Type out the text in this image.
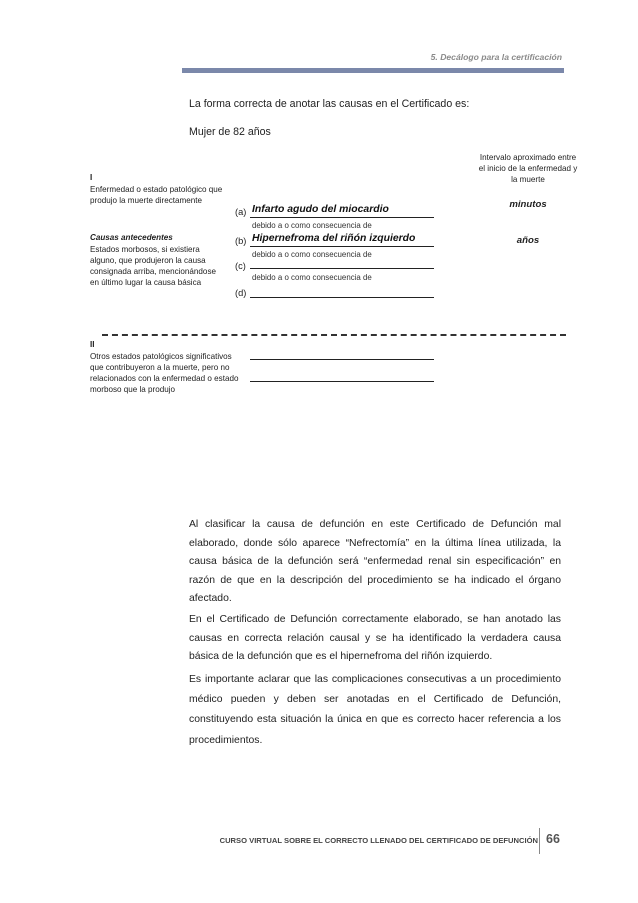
5. Decálogo para la certificación
La forma correcta de anotar las causas en el Certificado es:
Mujer de 82 años
Intervalo aproximado entre el inicio de la enfermedad y la muerte
I
Enfermedad o estado patológico que produjo la muerte directamente
Causas antecedentes
Estados morbosos, si existiera alguno, que produjeron la causa consignada arriba, mencionándose en último lugar la causa básica
(a) Infarto agudo del miocardio
debido a o como consecuencia de
minutos
(b) Hipernefroma del riñón izquierdo
debido a o como consecuencia de
años
(c)
debido a o como consecuencia de
(d)
II
Otros estados patológicos significativos que contribuyeron a la muerte, pero no relacionados con la enfermedad o estado morboso que la produjo
Al clasificar la causa de defunción en este Certificado de Defunción mal elaborado, donde sólo aparece “Nefrectomía” en la última línea utilizada, la causa básica de la defunción será “enfermedad renal sin especificación” en razón de que en la descripción del procedimiento se ha indicado el órgano afectado.
En el Certificado de Defunción correctamente elaborado, se han anotado las causas en correcta relación causal y se ha identificado la verdadera causa básica de la defunción que es el hipernefroma del riñón izquierdo.
Es importante aclarar que las complicaciones consecutivas a un procedimiento médico pueden y deben ser anotadas en el Certificado de Defunción, constituyendo esta situación la única en que es correcto hacer referencia a los procedimientos.
CURSO VIRTUAL SOBRE EL CORRECTO LLENADO DEL CERTIFICADO DE DEFUNCIÓN 66
